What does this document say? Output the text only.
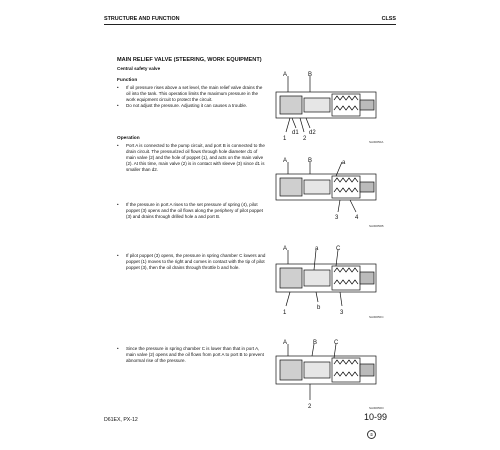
STRUCTURE AND FUNCTION	CLSS
MAIN RELIEF VALVE (STEERING, WORK EQUIPMENT)
Central safety valve
Function
• If oil pressure rises above a set level, the main relief valve drains the oil into the tank. This operation limits the maximum pressure in the work equipment circuit to protect the circuit.
• Do not adjust the pressure. Adjusting it can causes a trouble.
Operation
• Port A is connected to the pump circuit, and port B is connected to the drain circuit. The pressurized oil flows through hole diameter d1 of main valve (2) and the hole of poppet (1), and acts on the main valve (2). At this time, main valve (2) is in contact with sleeve (3) since d1 is smaller than d2.
• If the pressure in port A rises to the set pressure of spring (4), pilot poppet (3) opens and the oil flows along the periphery of pilot poppet (3) and drains through drilled hole a and port B.
• If pilot poppet (3) opens, the pressure in spring chamber C lowers and poppet (1) moves to the right and comes in contact with the tip of pilot poppet (3), then the oil drains through throttle b and hole.
• Since the pressure in spring chamber C is lower than that in port A, main valve (2) opens and the oil flows from port A to port B to prevent abnormal rise of the pressure.
A	B
1	2
d1 d2
SA3005FA
A	B	a
3	4
SA3005FB
A	a	C
1
b
3
SA3005FC
A	B	C
2	SA3005FD
D61EX, PX-12	10-99
②
